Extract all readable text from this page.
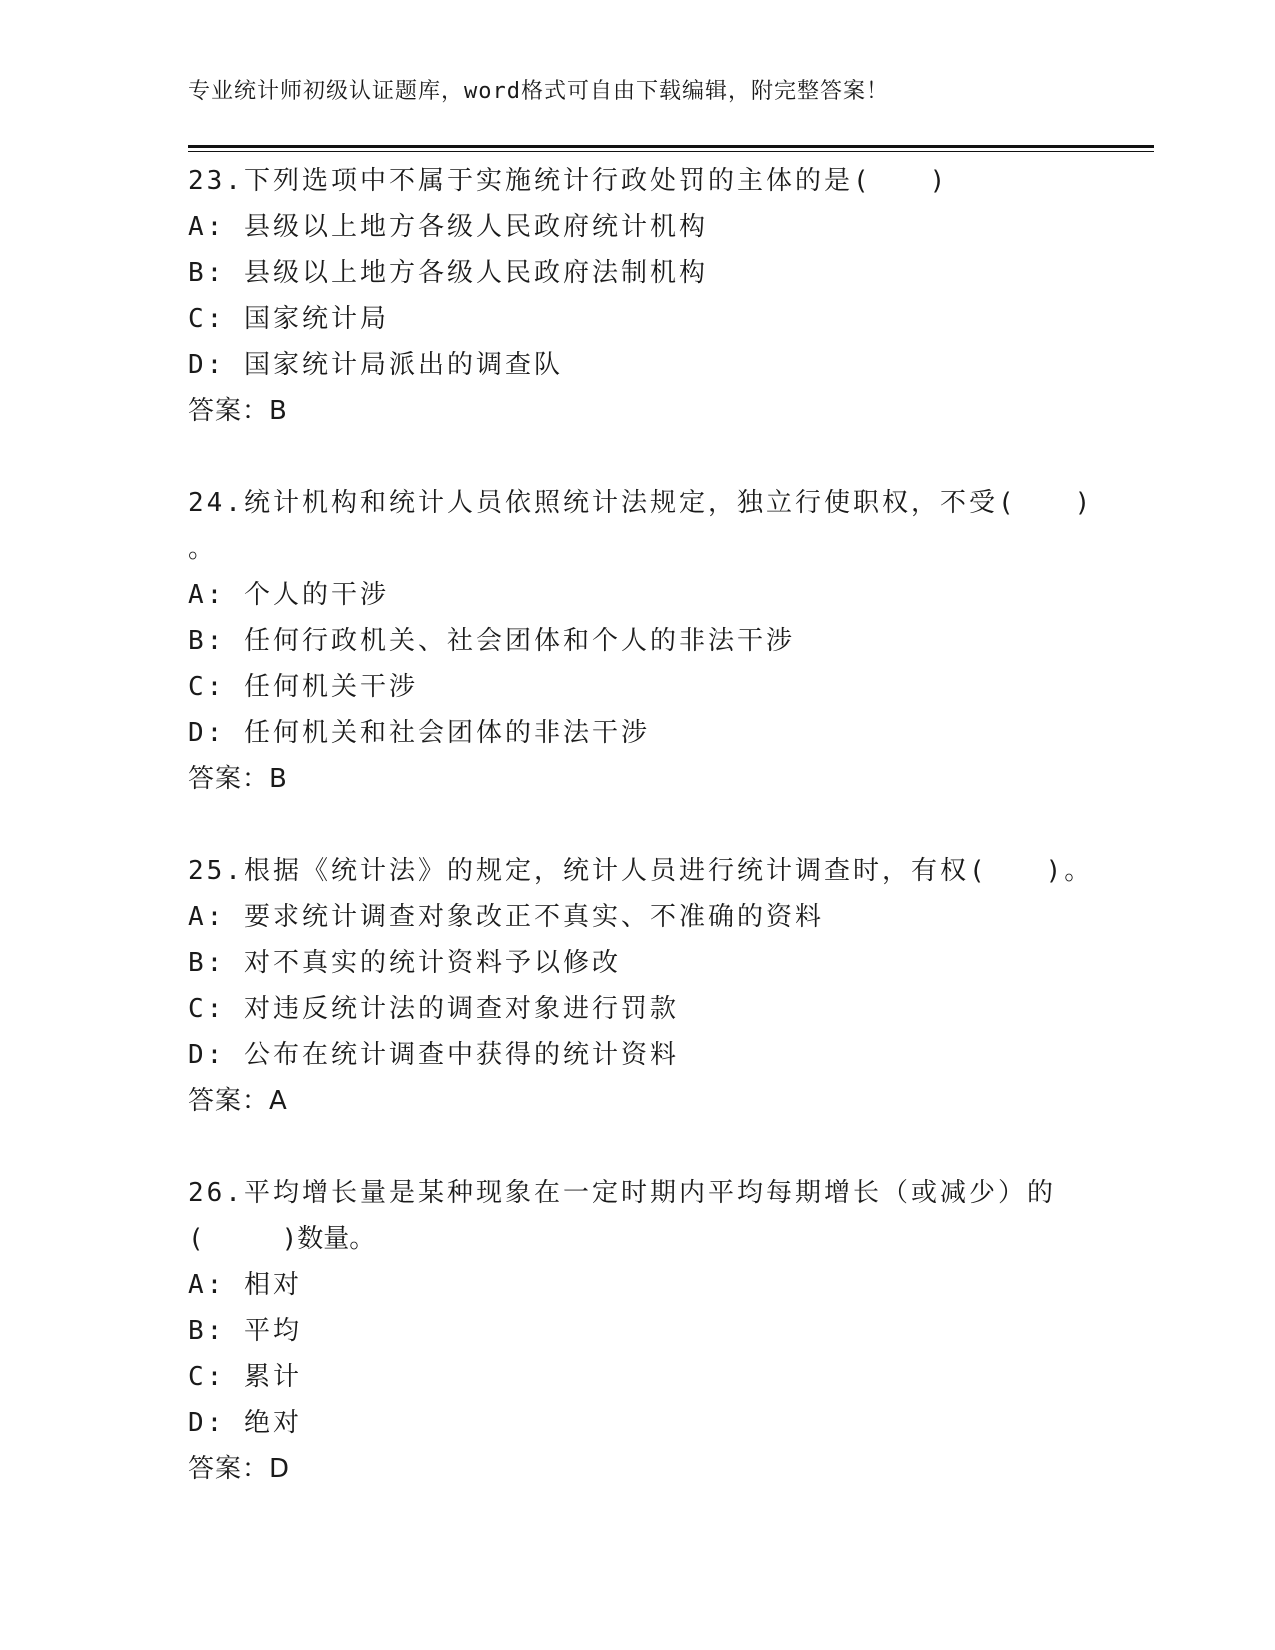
专业统计师初级认证题库，word格式可自由下载编辑，附完整答案！
23.下列选项中不属于实施统计行政处罚的主体的是(　　)
A: 县级以上地方各级人民政府统计机构
B: 县级以上地方各级人民政府法制机构
C: 国家统计局
D: 国家统计局派出的调查队
答案：B
24.统计机构和统计人员依照统计法规定，独立行使职权，不受(　　)
。
A: 个人的干涉
B: 任何行政机关、社会团体和个人的非法干涉
C: 任何机关干涉
D: 任何机关和社会团体的非法干涉
答案：B
25.根据《统计法》的规定，统计人员进行统计调查时，有权(　　)。
A: 要求统计调查对象改正不真实、不准确的资料
B: 对不真实的统计资料予以修改
C: 对违反统计法的调查对象进行罚款
D: 公布在统计调查中获得的统计资料
答案：A
26.平均增长量是某种现象在一定时期内平均每期增长（或减少）的
(　　　)数量。
A: 相对
B: 平均
C: 累计
D: 绝对
答案：D
